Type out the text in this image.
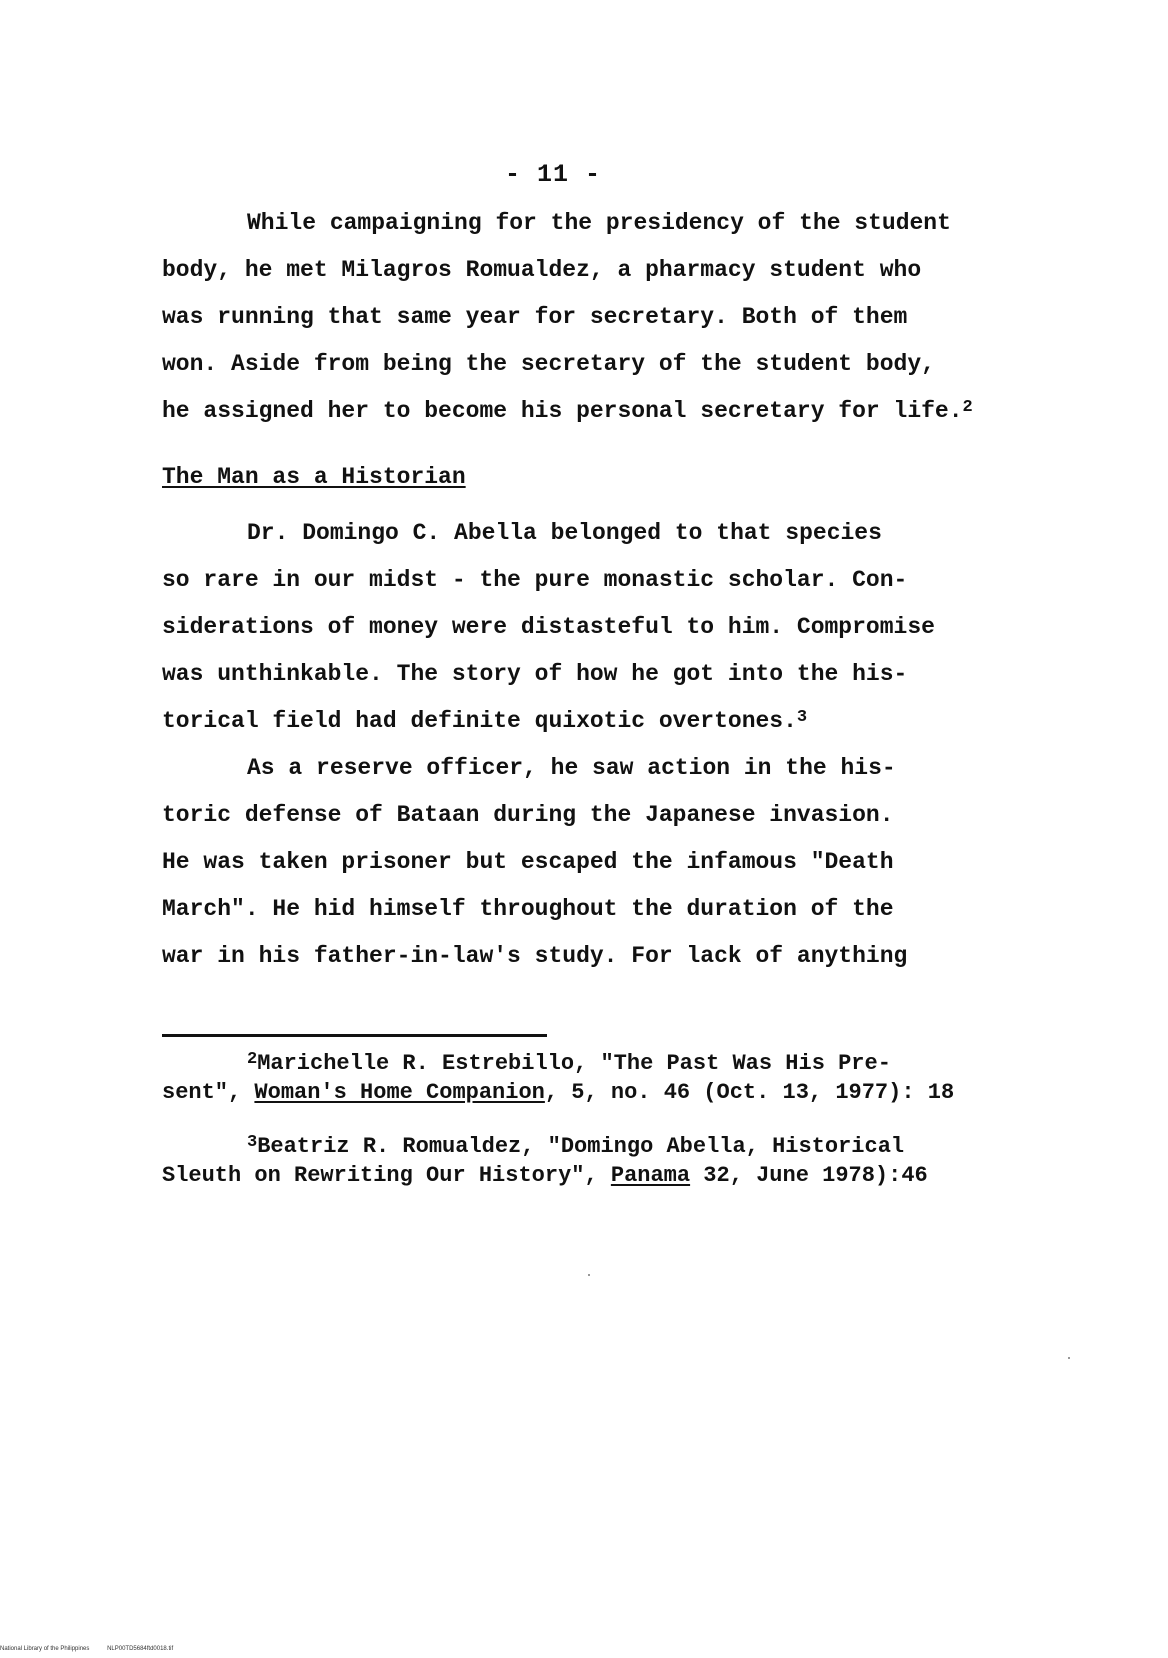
- 11 -
While campaigning for the presidency of the student
body, he met Milagros Romualdez, a pharmacy student who
was running that same year for secretary. Both of them
won. Aside from being the secretary of the student body,
he assigned her to become his personal secretary for life.$^2$
The Man as a Historian
Dr. Domingo C. Abella belonged to that species
so rare in our midst - the pure monastic scholar. Con-
siderations of money were distasteful to him. Compromise
was unthinkable. The story of how he got into the his-
torical field had definite quixotic overtones.$^3$
As a reserve officer, he saw action in the his-
toric defense of Bataan during the Japanese invasion.
He was taken prisoner but escaped the infamous "Death
March". He hid himself throughout the duration of the
war in his father-in-law's study. For lack of anything
$^2$Marichelle R. Estrebillo, "The Past Was His Pre-
sent", Woman's Home Companion, 5, no. 46 (Oct. 13, 1977): 18
$^3$Beatriz R. Romualdez, "Domingo Abella, Historical
Sleuth on Rewriting Our History", Panama 32, June 1978):46
National Library of the Philippines	NLP00TD5684ftd0018.tif
